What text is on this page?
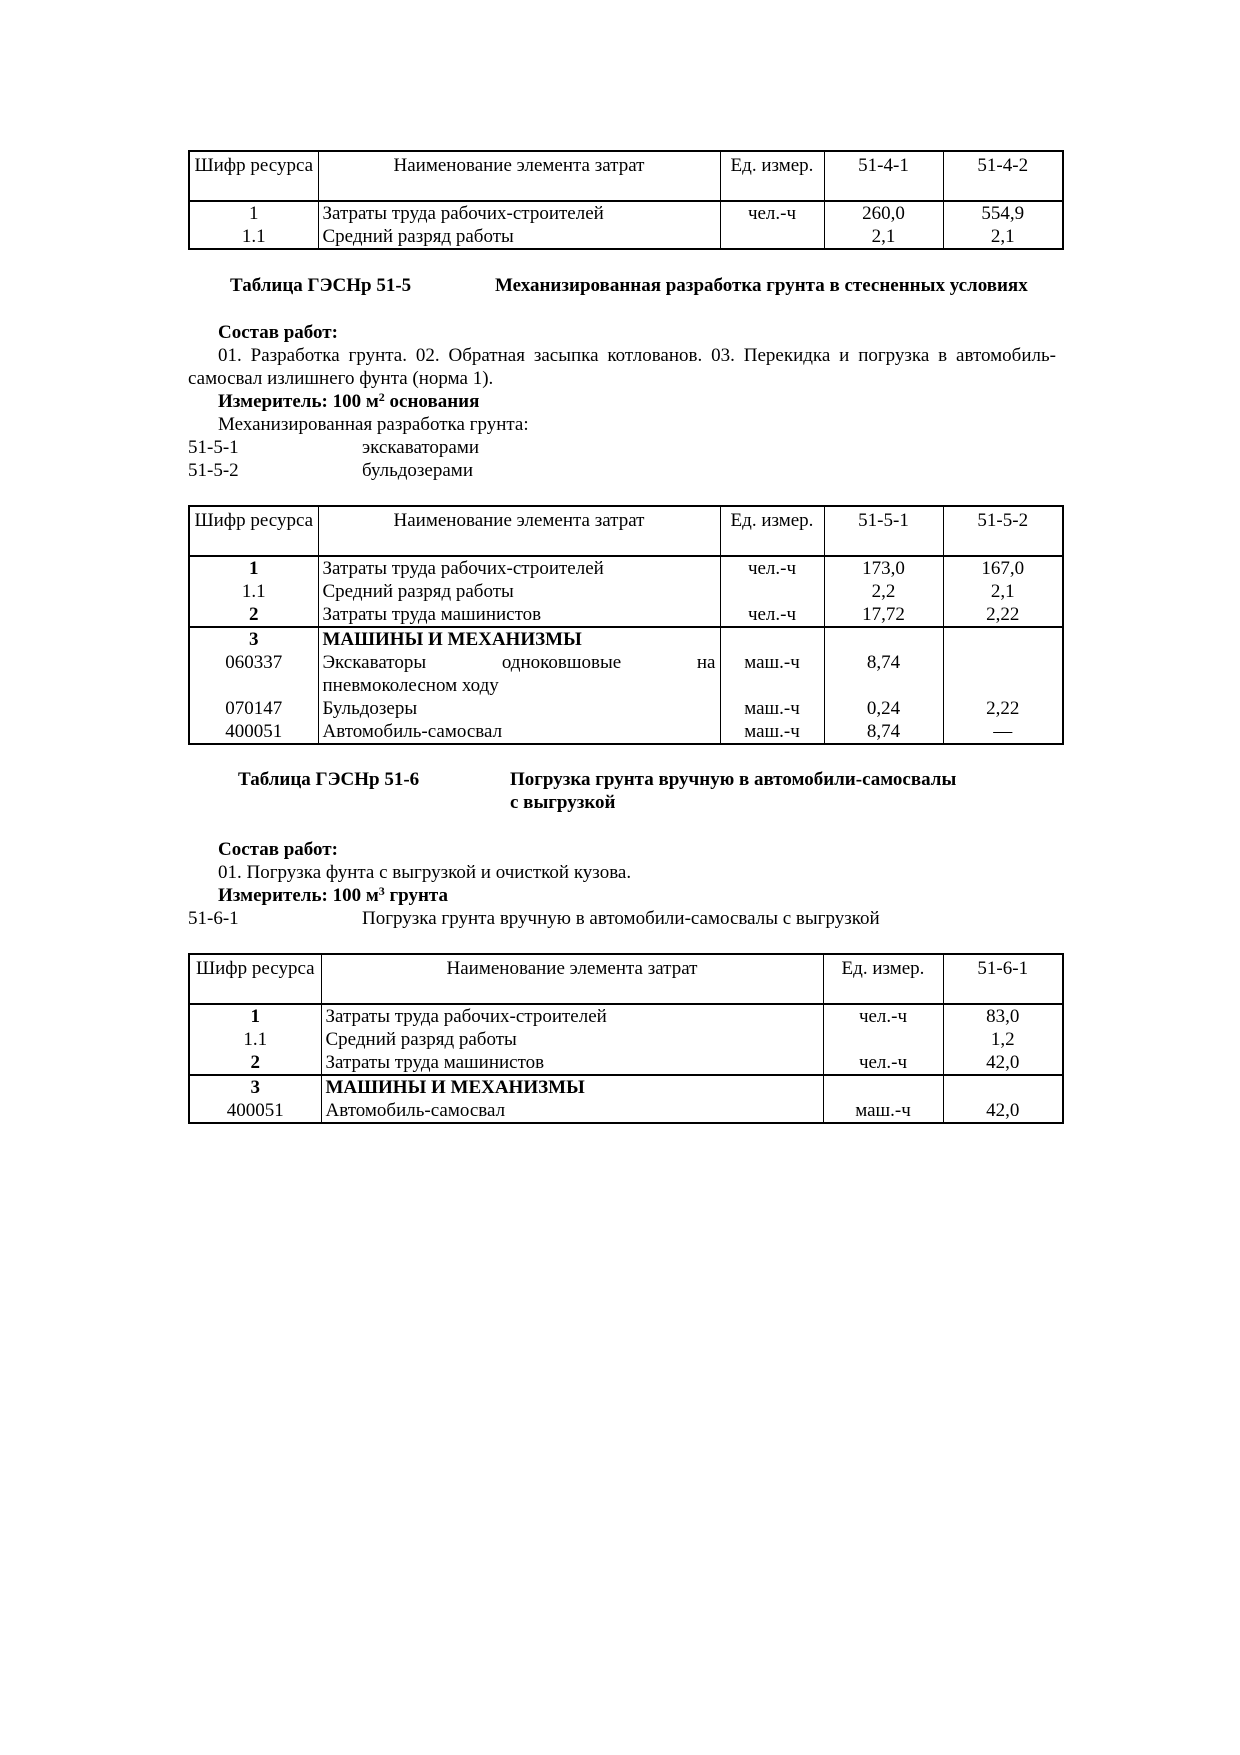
Шифр ресурса	Наименование элемента затрат	Ед. измер.	51-4-1	51-4-2
1	Затраты труда рабочих-строителей	чел.-ч	260,0	554,9
1.1	Средний разряд работы		2,1	2,1
Таблица ГЭСНр 51-5	Механизированная разработка грунта в стесненных условиях

Состав работ:

01. Разработка грунта. 02. Обратная засыпка котлованов. 03. Перекидка и погрузка в автомобиль-самосвал излишнего фунта (норма 1).

Измеритель: 100 $м^2$ основания

Механизированная разработка грунта:

51-5-1	экскаваторами
51-5-2	бульдозерами
Шифр ресурса	Наименование элемента затрат	Ед. измер.	51-5-1	51-5-2
1	Затраты труда рабочих-строителей	чел.-ч	173,0	167,0
1.1	Средний разряд работы		2,2	2,1
2	Затраты труда машинистов	чел.-ч	17,72	2,22
3	МАШИНЫ И МЕХАНИЗМЫ			
060337	Экскаваторы одноковшовые на
пневмоколесном ходу	маш.-ч	8,74	
070147	Бульдозеры	маш.-ч	0,24	2,22
400051	Автомобиль-самосвал	маш.-ч	8,74	—
Таблица ГЭСНр 51-6	Погрузка грунта вручную в автомобили-самосвалы
с выгрузкой

Состав работ:

01. Погрузка фунта с выгрузкой и очисткой кузова.

Измеритель: 100 $м^3$ грунта

51-6-1	Погрузка грунта вручную в автомобили-самосвалы с выгрузкой
Шифр ресурса	Наименование элемента затрат	Ед. измер.	51-6-1
1	Затраты труда рабочих-строителей	чел.-ч	83,0
1.1	Средний разряд работы		1,2
2	Затраты труда машинистов	чел.-ч	42,0
3	МАШИНЫ И МЕХАНИЗМЫ		
400051	Автомобиль-самосвал	маш.-ч	42,0
